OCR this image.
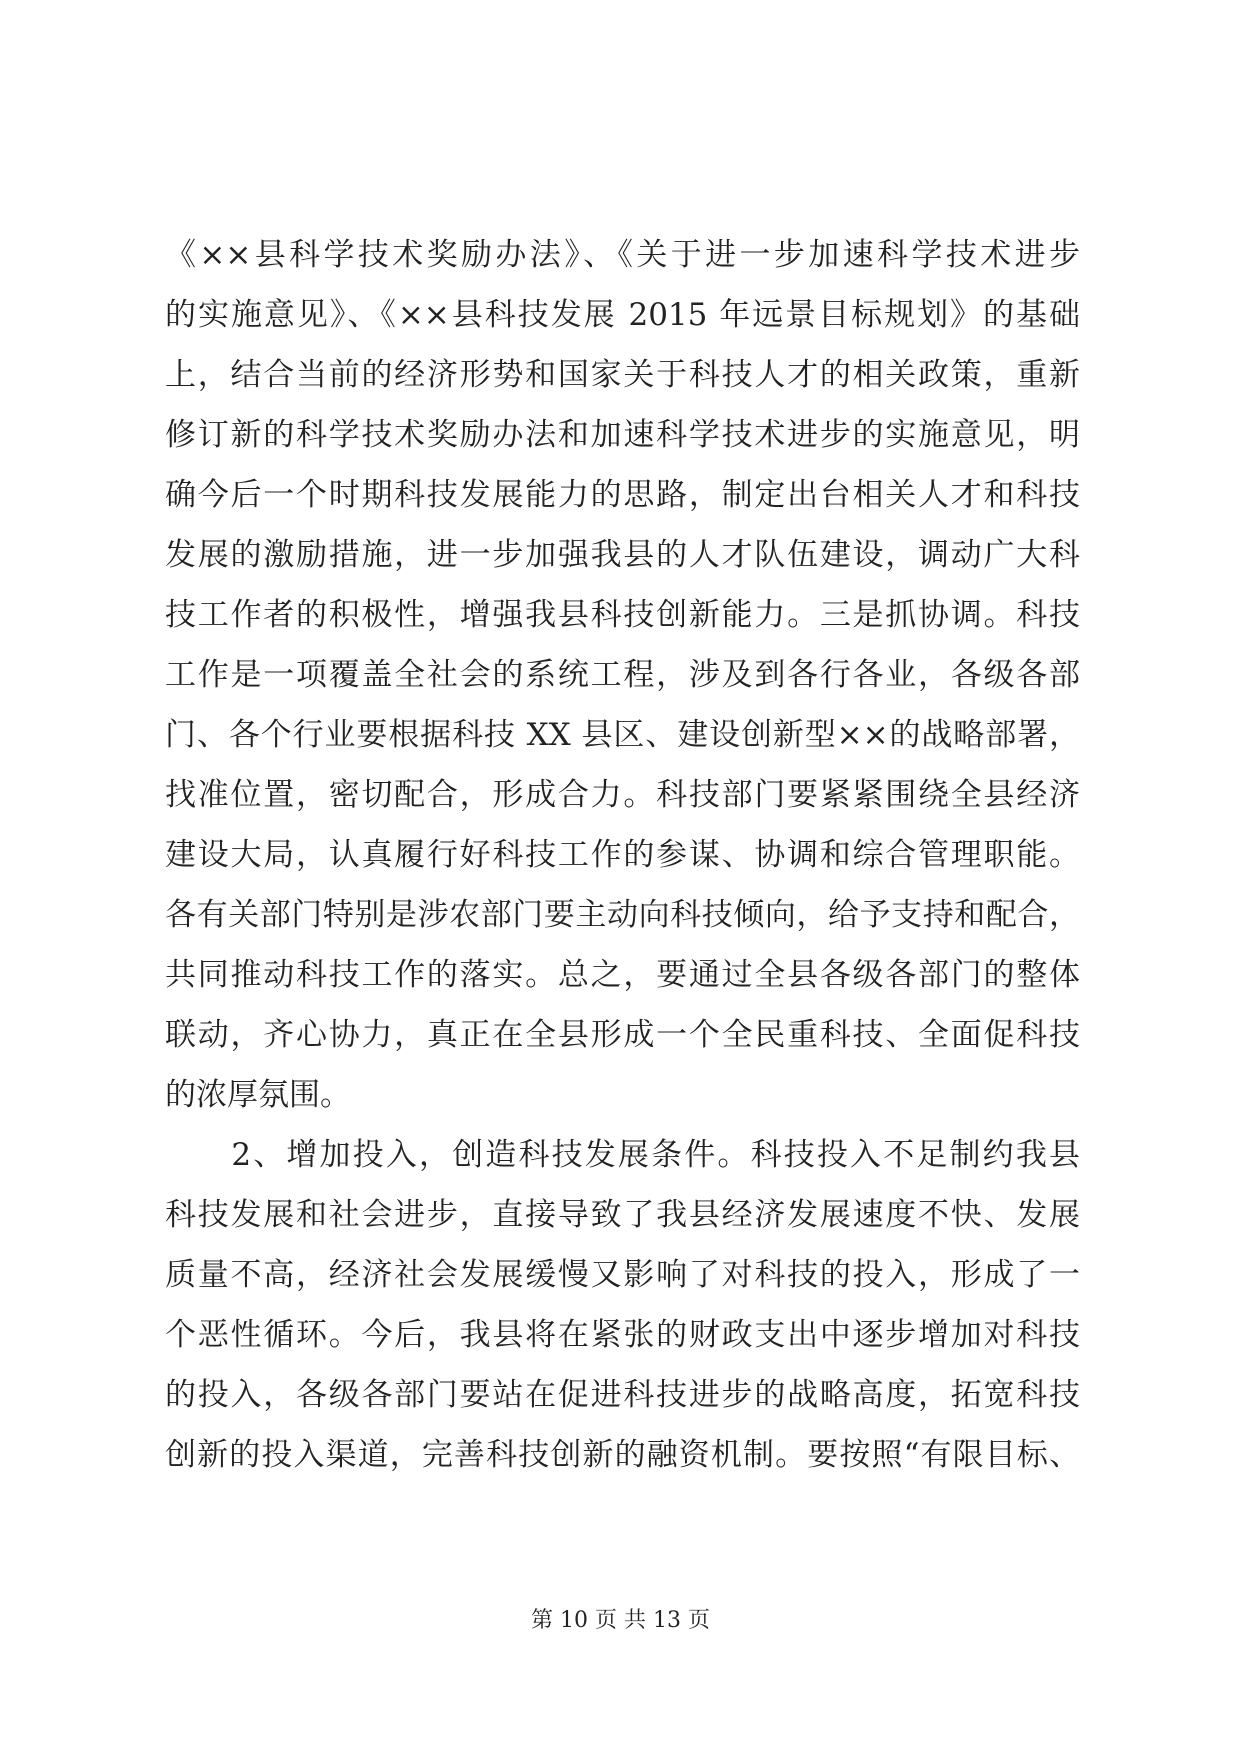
《××县科学技术奖励办法》、《关于进一步加速科学技术进步
的实施意见》、《××县科技发展 2015 年远景目标规划》的基础
上，结合当前的经济形势和国家关于科技人才的相关政策，重新
修订新的科学技术奖励办法和加速科学技术进步的实施意见，明
确今后一个时期科技发展能力的思路，制定出台相关人才和科技
发展的激励措施，进一步加强我县的人才队伍建设，调动广大科
技工作者的积极性，增强我县科技创新能力。三是抓协调。科技
工作是一项覆盖全社会的系统工程，涉及到各行各业，各级各部
门、各个行业要根据科技 XX 县区、建设创新型××的战略部署，
找准位置，密切配合，形成合力。科技部门要紧紧围绕全县经济
建设大局，认真履行好科技工作的参谋、协调和综合管理职能。
各有关部门特别是涉农部门要主动向科技倾向，给予支持和配合，
共同推动科技工作的落实。总之，要通过全县各级各部门的整体
联动，齐心协力，真正在全县形成一个全民重科技、全面促科技
的浓厚氛围。
　　2、增加投入，创造科技发展条件。科技投入不足制约我县
科技发展和社会进步，直接导致了我县经济发展速度不快、发展
质量不高，经济社会发展缓慢又影响了对科技的投入，形成了一
个恶性循环。今后，我县将在紧张的财政支出中逐步增加对科技
的投入，各级各部门要站在促进科技进步的战略高度，拓宽科技
创新的投入渠道，完善科技创新的融资机制。要按照“有限目标、
第 10 页 共 13 页
